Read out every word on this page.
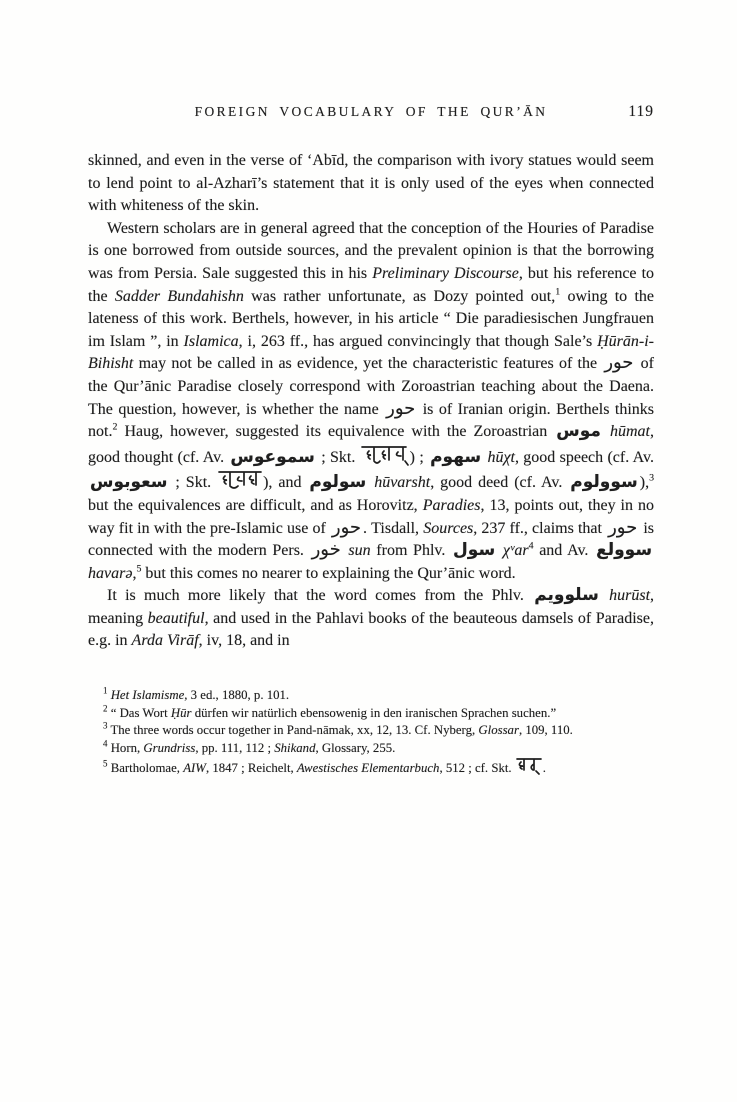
FOREIGN VOCABULARY OF THE QUR’ĀN	119

skinned, and even in the verse of ‘Abīd, the comparison with ivory statues would seem to lend point to al-Azharī’s statement that it is only used of the eyes when connected with whiteness of the skin.

Western scholars are in general agreed that the conception of the Houries of Paradise is one borrowed from outside sources, and the prevalent opinion is that the borrowing was from Persia. Sale suggested this in his Preliminary Discourse, but his reference to the Sadder Bundahishn was rather unfortunate, as Dozy pointed out,$^1$ owing to the lateness of this work. Berthels, however, in his article “ Die paradiesischen Jungfrauen im Islam ”, in Islamica, i, 263 ff., has argued convincingly that though Sale’s Ḥūrān-i-Bihisht may not be called in as evidence, yet the characteristic features of the حور of the Qur’ānic Paradise closely correspond with Zoroastrian teaching about the Daena. The question, however, is whether the name حور is of Iranian origin. Berthels thinks not.$^2$ Haug, however, suggested its equivalence with the Zoroastrian موس hūmat, good thought (cf. Av. سموعوس ; Skt.	) ; سهوم hūχt, good speech (cf. Av. سعوبوس ; Skt.	), and سولوم hūvarsht, good deed (cf. Av. سوولوم ),$^3$ but the equivalences are difficult, and as Horovitz, Paradies, 13, points out, they in no way fit in with the pre-Islamic use of حور . Tisdall, Sources, 237 ff., claims that حور is connected with the modern Pers. خور sun from Phlv. سول χᵛar$^4$ and Av. سوولع havarə,$^5$ but this comes no nearer to explaining the Qur’ānic word.

It is much more likely that the word comes from the Phlv. سلوويم hurūst, meaning beautiful, and used in the Pahlavi books of the beauteous damsels of Paradise, e.g. in Arda Virāf, iv, 18, and in

$^1$ Het Islamisme, 3 ed., 1880, p. 101.

$^2$ “ Das Wort Ḥūr dürfen wir natürlich ebensowenig in den iranischen Sprachen suchen.”

$^3$ The three words occur together in Pand-nāmak, xx, 12, 13. Cf. Nyberg, Glossar, 109, 110.

$^4$ Horn, Grundriss, pp. 111, 112 ; Shikand, Glossary, 255.

$^5$ Bartholomae, AIW, 1847 ; Reichelt, Awestisches Elementarbuch, 512 ; cf. Skt. .
